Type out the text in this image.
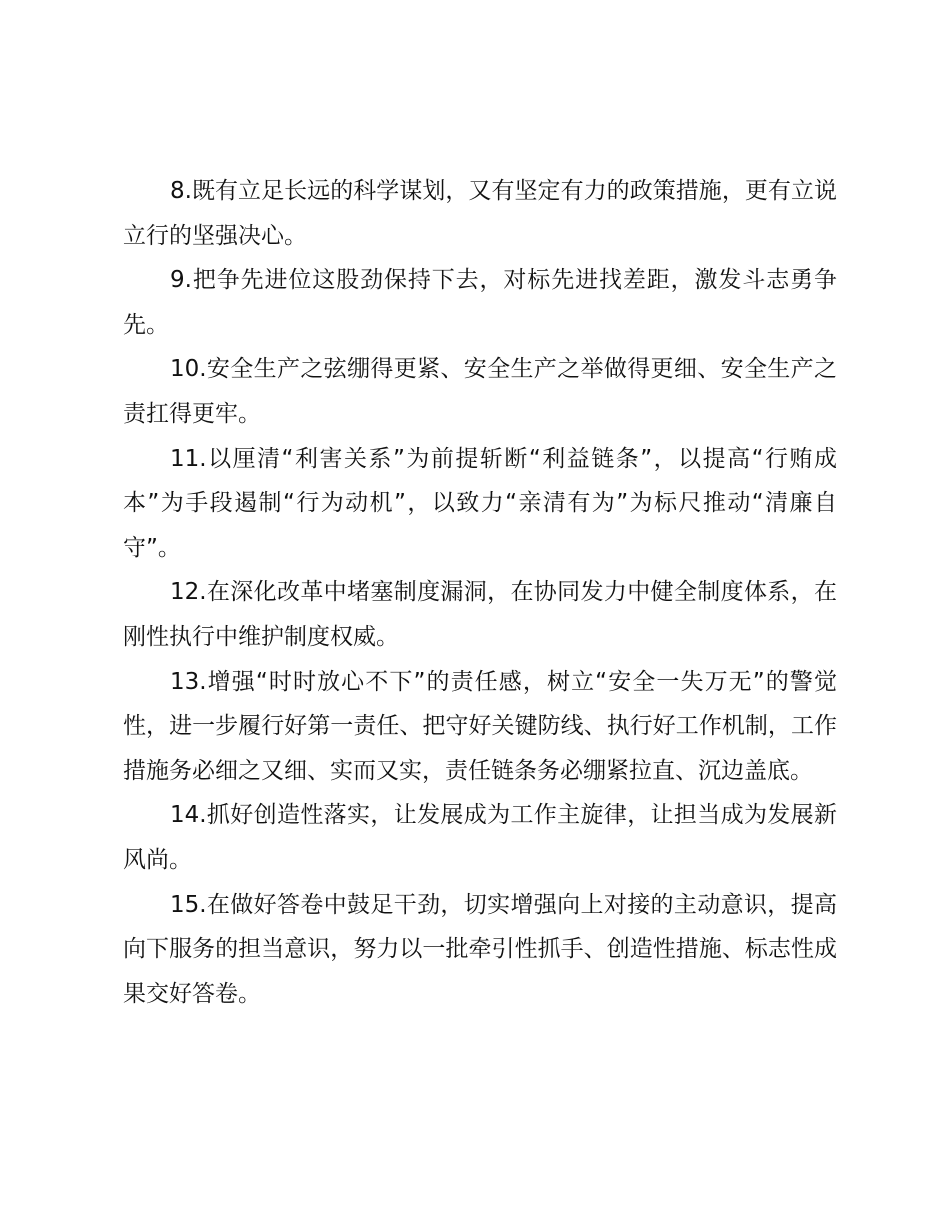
8.既有立足长远的科学谋划，又有坚定有力的政策措施，更有立说立行的坚强决心。

9.把争先进位这股劲保持下去，对标先进找差距，激发斗志勇争先。

10.安全生产之弦绷得更紧、安全生产之举做得更细、安全生产之责扛得更牢。

11.以厘清“利害关系”为前提斩断“利益链条”，以提高“行贿成本”为手段遏制“行为动机”，以致力“亲清有为”为标尺推动“清廉自守”。

12.在深化改革中堵塞制度漏洞，在协同发力中健全制度体系，在刚性执行中维护制度权威。

13.增强“时时放心不下”的责任感，树立“安全一失万无”的警觉性，进一步履行好第一责任、把守好关键防线、执行好工作机制，工作措施务必细之又细、实而又实，责任链条务必绷紧拉直、沉边盖底。

14.抓好创造性落实，让发展成为工作主旋律，让担当成为发展新风尚。

15.在做好答卷中鼓足干劲，切实增强向上对接的主动意识，提高向下服务的担当意识，努力以一批牵引性抓手、创造性措施、标志性成果交好答卷。
